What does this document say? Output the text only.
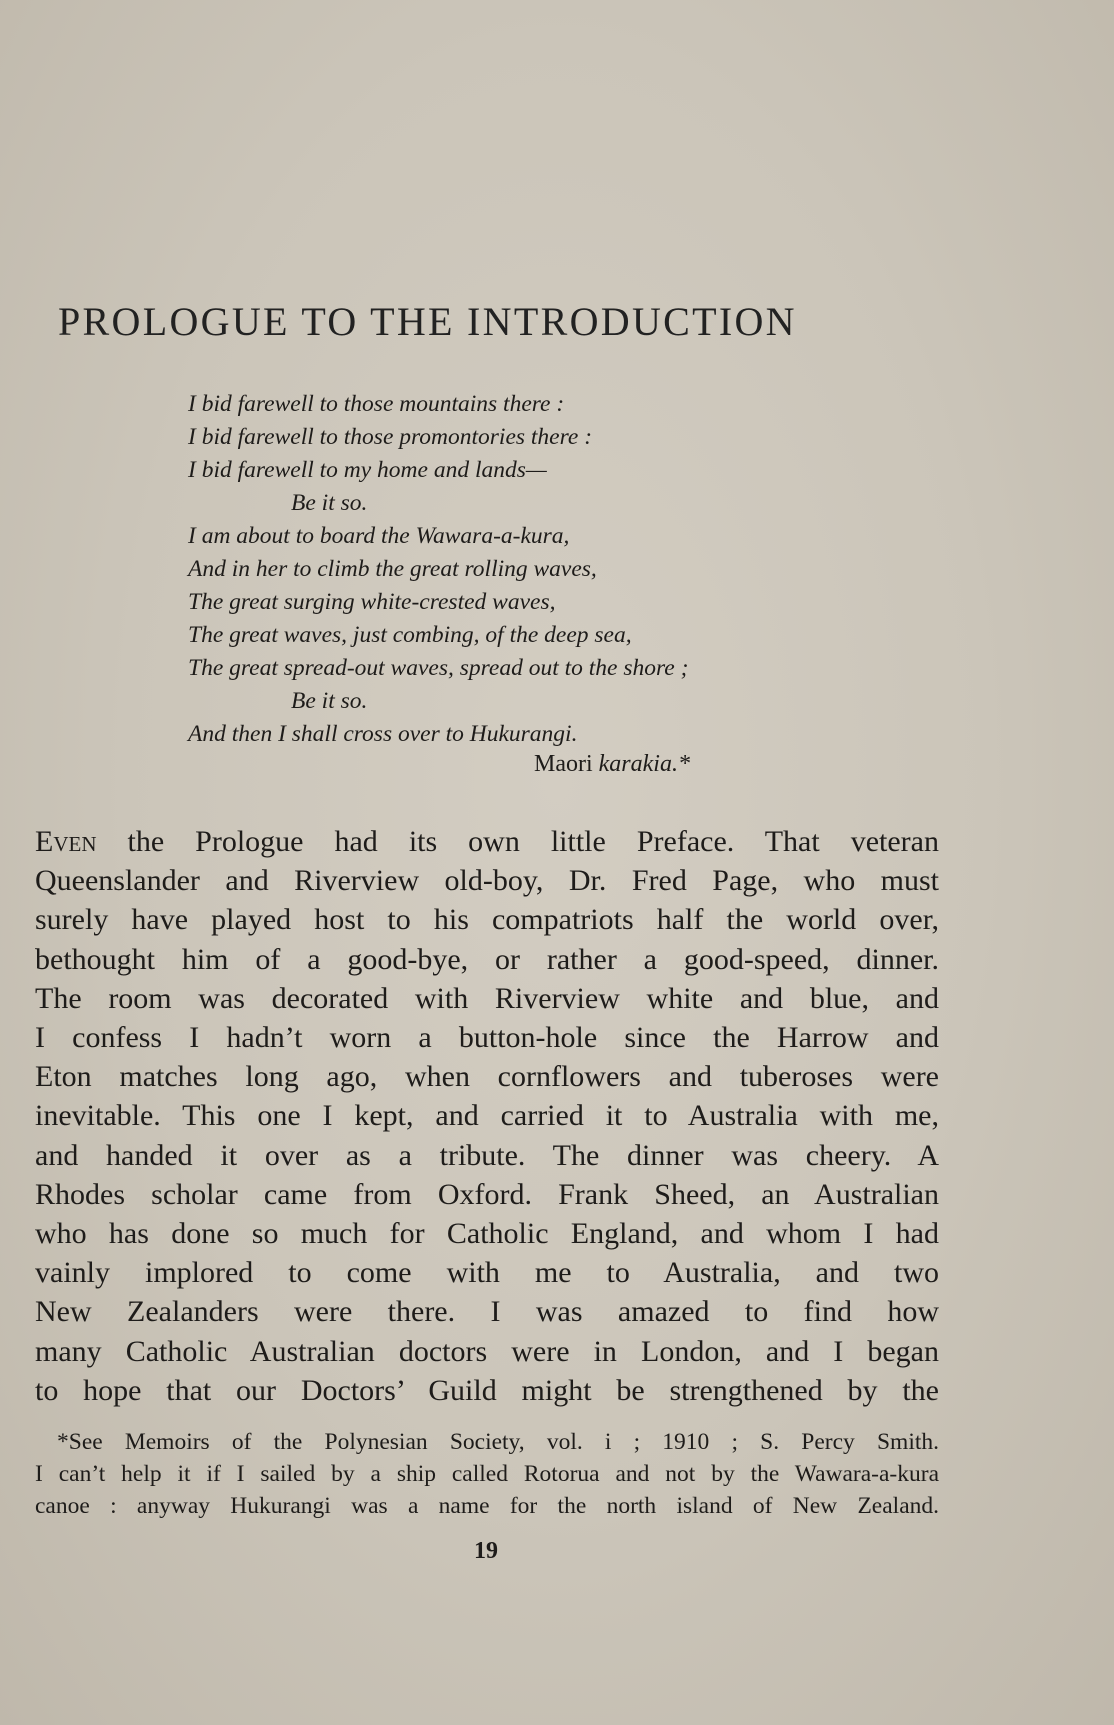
PROLOGUE TO THE INTRODUCTION
I bid farewell to those mountains there :
I bid farewell to those promontories there :
I bid farewell to my home and lands—
Be it so.
I am about to board the Wawara-a-kura,
And in her to climb the great rolling waves,
The great surging white-crested waves,
The great waves, just combing, of the deep sea,
The great spread-out waves, spread out to the shore ;
Be it so.
And then I shall cross over to Hukurangi.
Maori karakia.*
Even the Prologue had its own little Preface. That veteran
Queenslander and Riverview old-boy, Dr. Fred Page, who must
surely have played host to his compatriots half the world over,
bethought him of a good-bye, or rather a good-speed, dinner.
The room was decorated with Riverview white and blue, and
I confess I hadn’t worn a button-hole since the Harrow and
Eton matches long ago, when cornflowers and tuberoses were
inevitable. This one I kept, and carried it to Australia with me,
and handed it over as a tribute. The dinner was cheery. A
Rhodes scholar came from Oxford. Frank Sheed, an Australian
who has done so much for Catholic England, and whom I had
vainly implored to come with me to Australia, and two
New Zealanders were there. I was amazed to find how
many Catholic Australian doctors were in London, and I began
to hope that our Doctors’ Guild might be strengthened by the
*See Memoirs of the Polynesian Society, vol. i ; 1910 ; S. Percy Smith.
I can’t help it if I sailed by a ship called Rotorua and not by the Wawara-a-kura
canoe : anyway Hukurangi was a name for the north island of New Zealand.
19
